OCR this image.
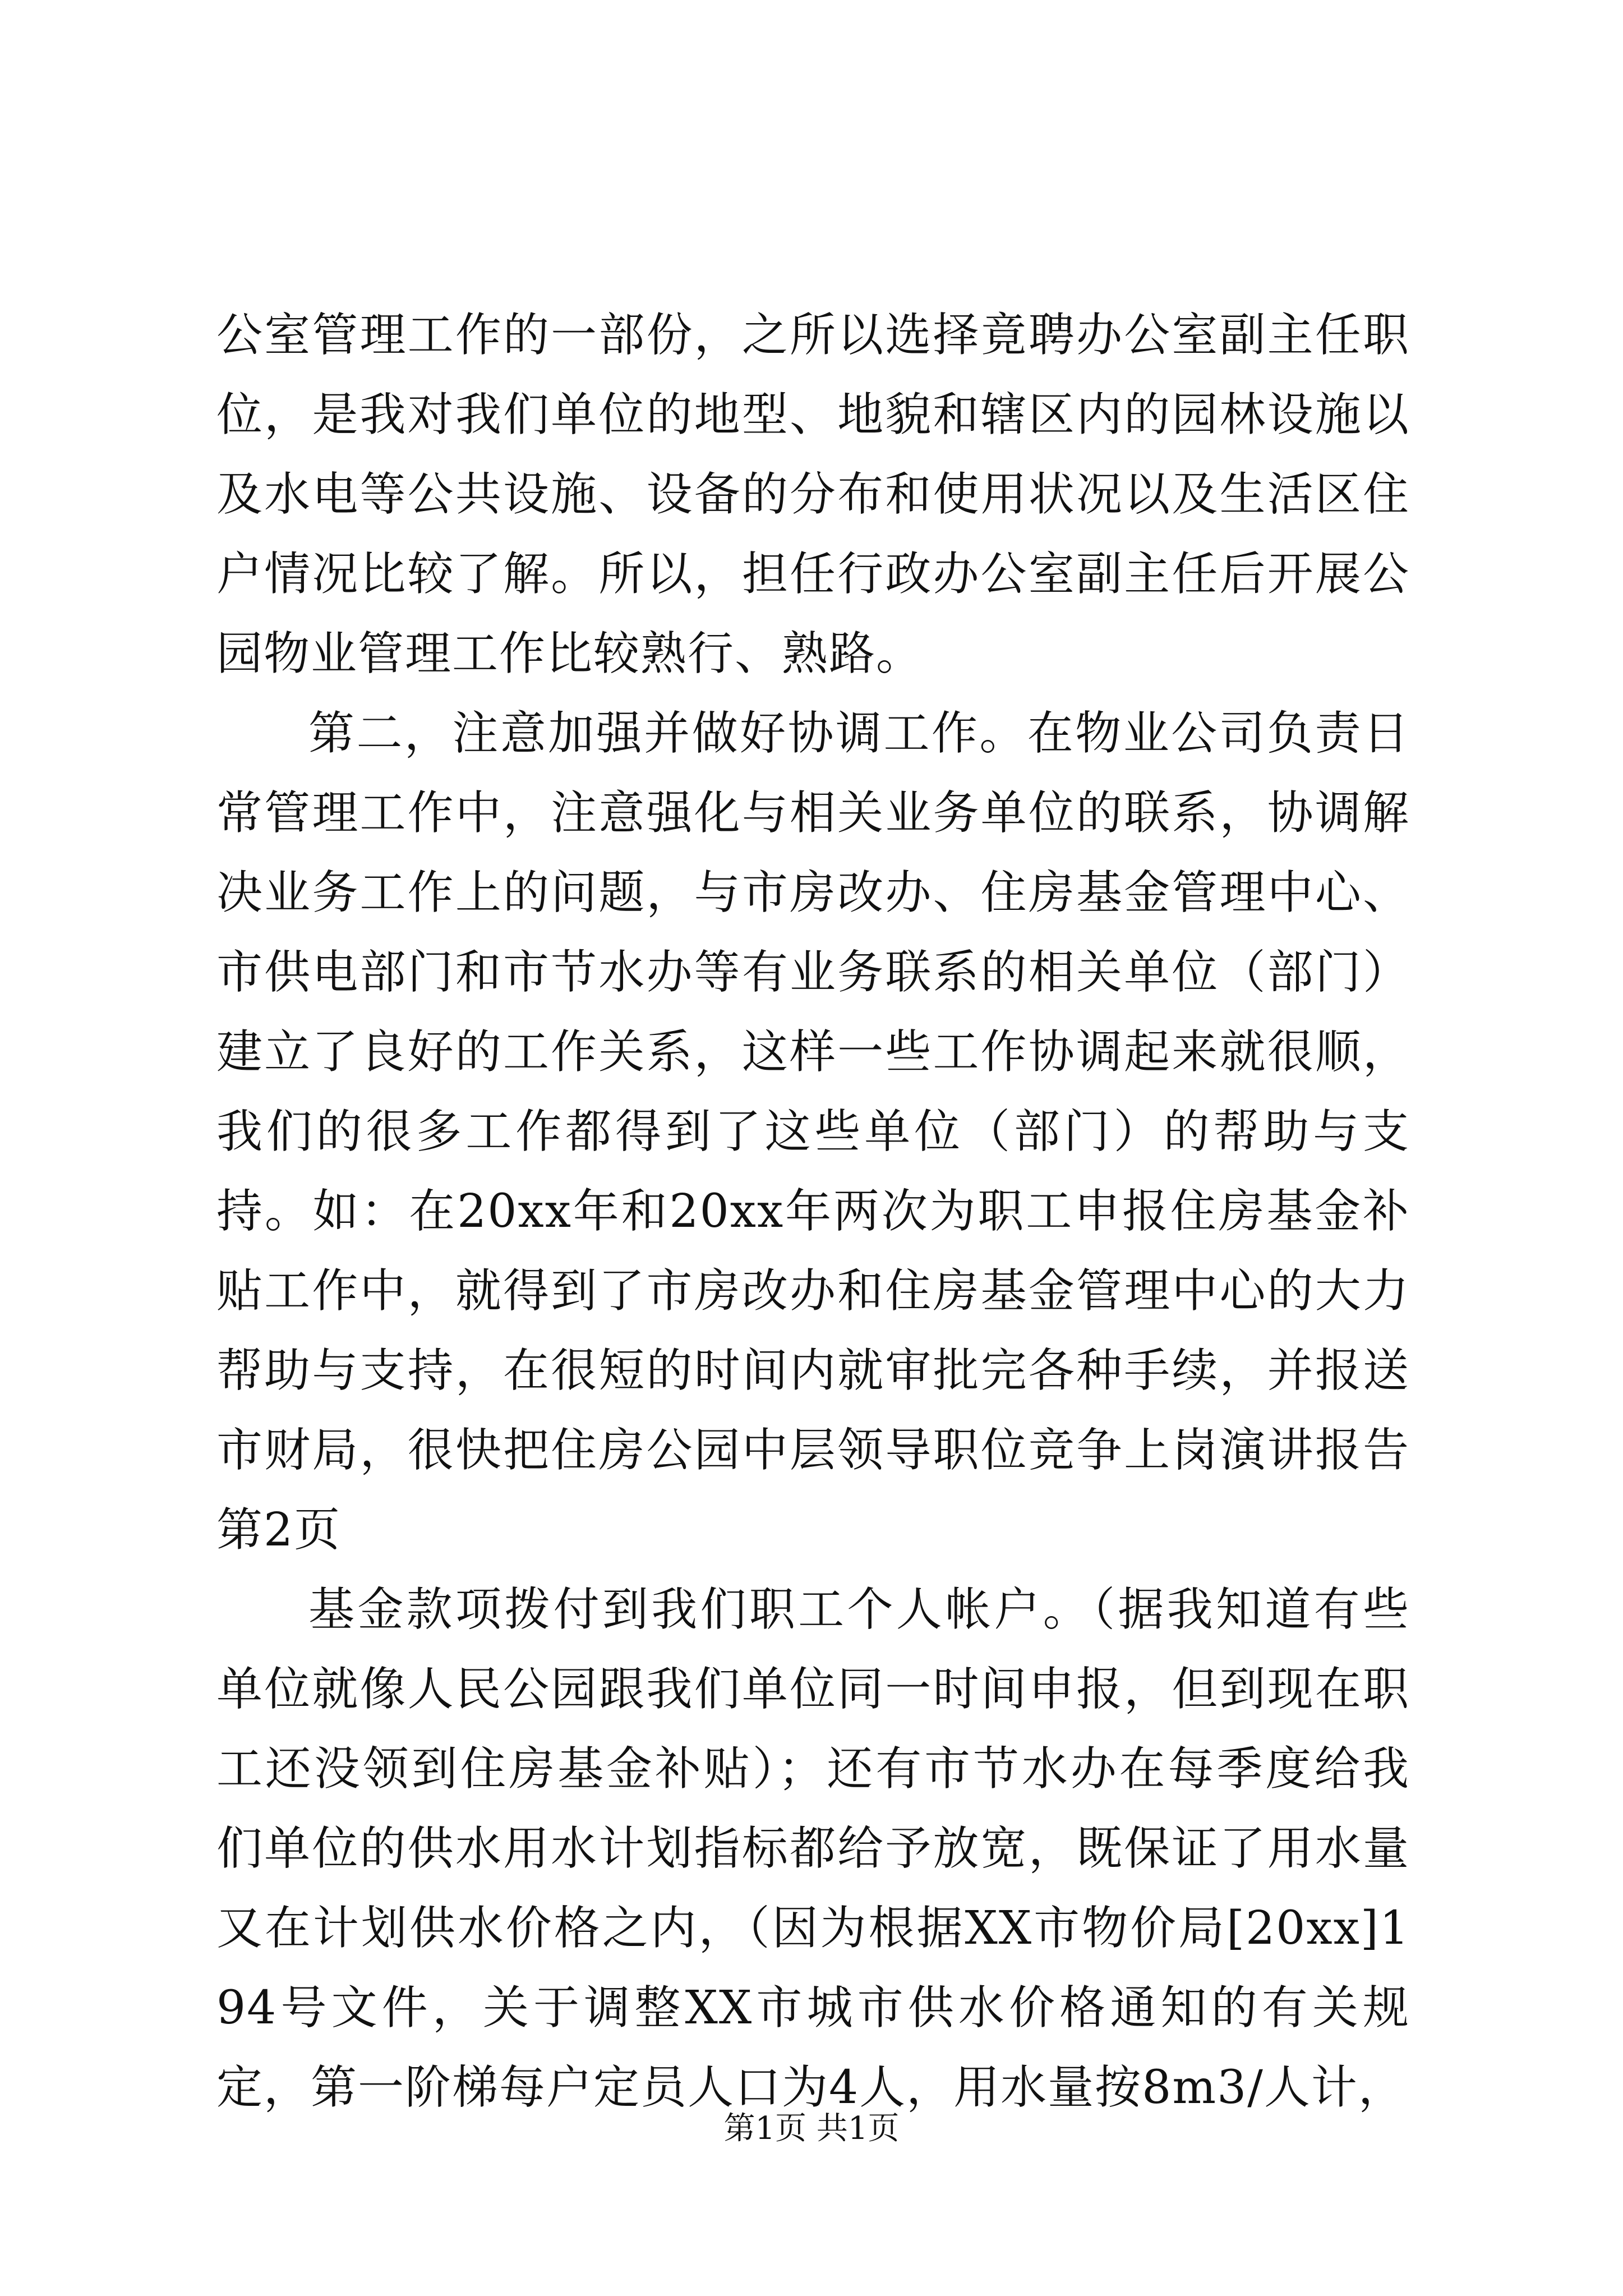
公室管理工作的一部份，之所以选择竟聘办公室副主任职位，是我对我们单位的地型、地貌和辖区内的园林设施以及水电等公共设施、设备的分布和使用状况以及生活区住户情况比较了解。所以，担任行政办公室副主任后开展公园物业管理工作比较熟行、熟路。

第二，注意加强并做好协调工作。在物业公司负责日常管理工作中，注意强化与相关业务单位的联系，协调解决业务工作上的问题，与市房改办、住房基金管理中心、市供电部门和市节水办等有业务联系的相关单位（部门）建立了良好的工作关系，这样一些工作协调起来就很顺，我们的很多工作都得到了这些单位（部门）的帮助与支持。如：在20xx年和20xx年两次为职工申报住房基金补贴工作中，就得到了市房改办和住房基金管理中心的大力帮助与支持，在很短的时间内就审批完各种手续，并报送市财局，很快把住房公园中层领导职位竞争上岗演讲报告第2页

基金款项拨付到我们职工个人帐户。（据我知道有些单位就像人民公园跟我们单位同一时间申报，但到现在职工还没领到住房基金补贴）；还有市节水办在每季度给我们单位的供水用水计划指标都给予放宽，既保证了用水量又在计划供水价格之内，（因为根据XX市物价局[20xx]194号文件，关于调整XX市城市供水价格通知的有关规定，第一阶梯每户定员人口为4人，用水量按8m3/人计，

第1页 共1页
